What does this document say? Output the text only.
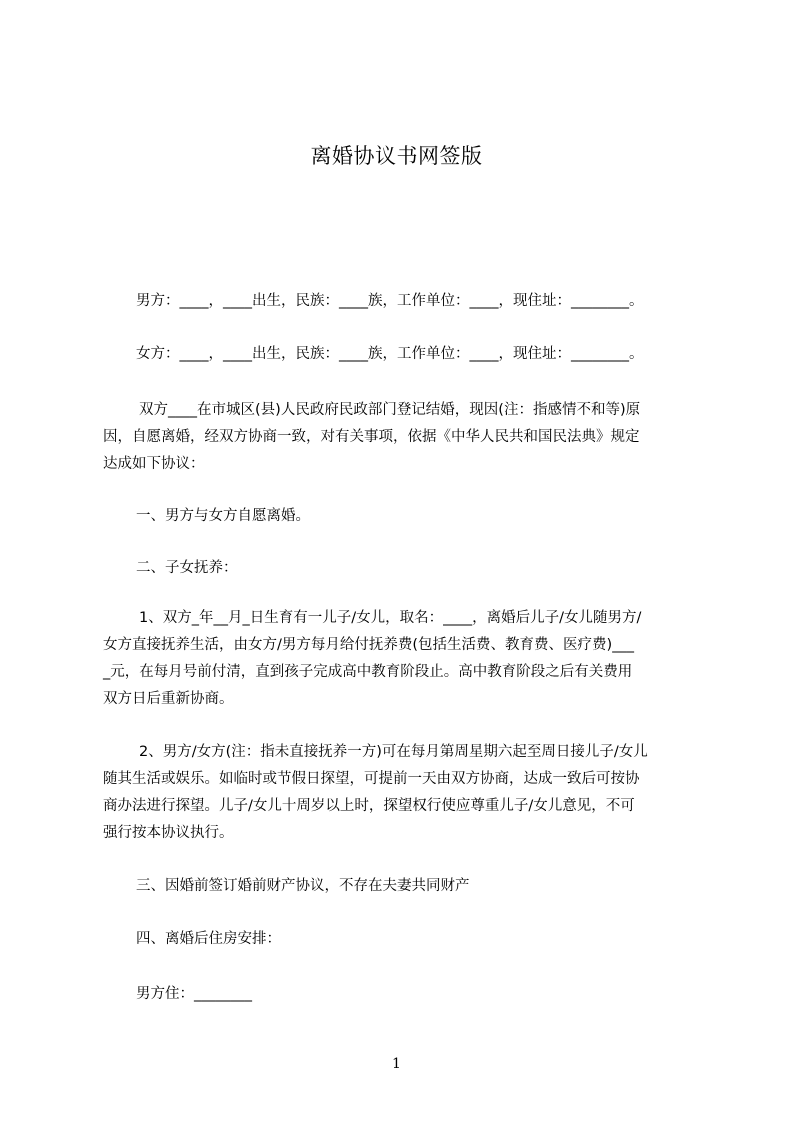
离婚协议书网签版
男方：____，____出生，民族：____族，工作单位：____，现住址：________。
女方：____，____出生，民族：____族，工作单位：____，现住址：________。
双方____在市城区(县)人民政府民政部门登记结婚，现因(注：指感情不和等)原
因，自愿离婚，经双方协商一致，对有关事项，依据《中华人民共和国民法典》规定
达成如下协议：
一、男方与女方自愿离婚。
二、子女抚养：
1、双方_年__月_日生育有一儿子/女儿，取名：____，离婚后儿子/女儿随男方/
女方直接抚养生活，由女方/男方每月给付抚养费(包括生活费、教育费、医疗费)___
_元，在每月号前付清，直到孩子完成高中教育阶段止。高中教育阶段之后有关费用
双方日后重新协商。
2、男方/女方(注：指未直接抚养一方)可在每月第周星期六起至周日接儿子/女儿
随其生活或娱乐。如临时或节假日探望，可提前一天由双方协商，达成一致后可按协
商办法进行探望。儿子/女儿十周岁以上时，探望权行使应尊重儿子/女儿意见，不可
强行按本协议执行。
三、因婚前签订婚前财产协议，不存在夫妻共同财产
四、离婚后住房安排：
男方住：________
1
